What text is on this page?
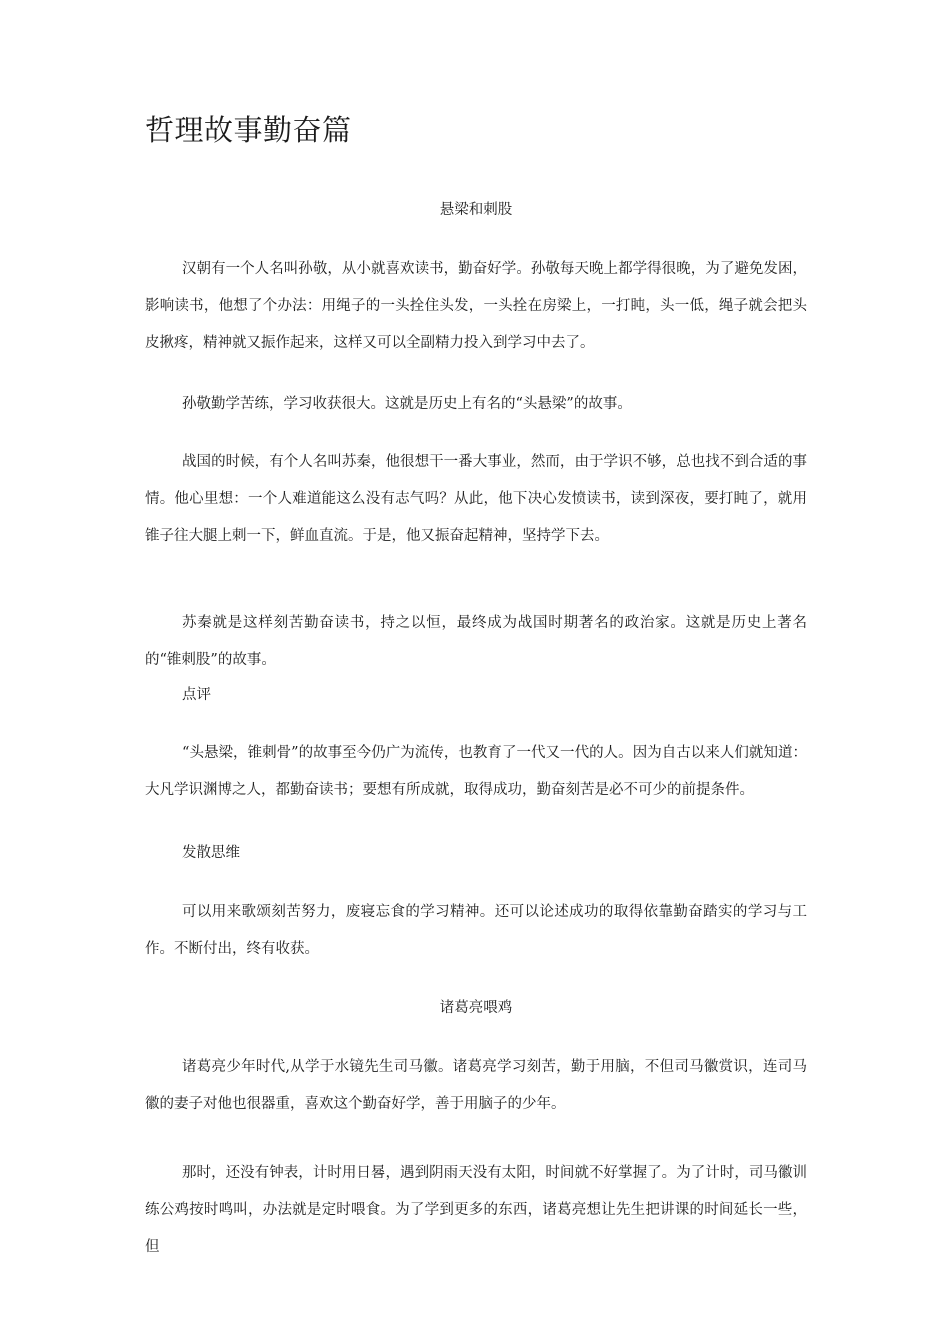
哲理故事勤奋篇
悬梁和刺股

汉朝有一个人名叫孙敬，从小就喜欢读书，勤奋好学。孙敬每天晚上都学得很晚，为了避免发困，影响读书，他想了个办法：用绳子的一头拴住头发，一头拴在房梁上，一打盹，头一低，绳子就会把头皮揪疼，精神就又振作起来，这样又可以全副精力投入到学习中去了。

孙敬勤学苦练，学习收获很大。这就是历史上有名的“头悬梁”的故事。

战国的时候，有个人名叫苏秦，他很想干一番大事业，然而，由于学识不够，总也找不到合适的事情。他心里想：一个人难道能这么没有志气吗？从此，他下决心发愤读书，读到深夜，要打盹了，就用锥子往大腿上刺一下，鲜血直流。于是，他又振奋起精神，坚持学下去。

苏秦就是这样刻苦勤奋读书，持之以恒，最终成为战国时期著名的政治家。这就是历史上著名的“锥刺股”的故事。

点评

“头悬梁，锥刺骨”的故事至今仍广为流传，也教育了一代又一代的人。因为自古以来人们就知道：大凡学识渊博之人，都勤奋读书；要想有所成就，取得成功，勤奋刻苦是必不可少的前提条件。

发散思维

可以用来歌颂刻苦努力，废寝忘食的学习精神。还可以论述成功的取得依靠勤奋踏实的学习与工作。不断付出，终有收获。

诸葛亮喂鸡

诸葛亮少年时代,从学于水镜先生司马徽。诸葛亮学习刻苦，勤于用脑，不但司马徽赏识，连司马徽的妻子对他也很器重，喜欢这个勤奋好学，善于用脑子的少年。

那时，还没有钟表，计时用日晷，遇到阴雨天没有太阳，时间就不好掌握了。为了计时，司马徽训练公鸡按时鸣叫，办法就是定时喂食。为了学到更多的东西，诸葛亮想让先生把讲课的时间延长一些，但
